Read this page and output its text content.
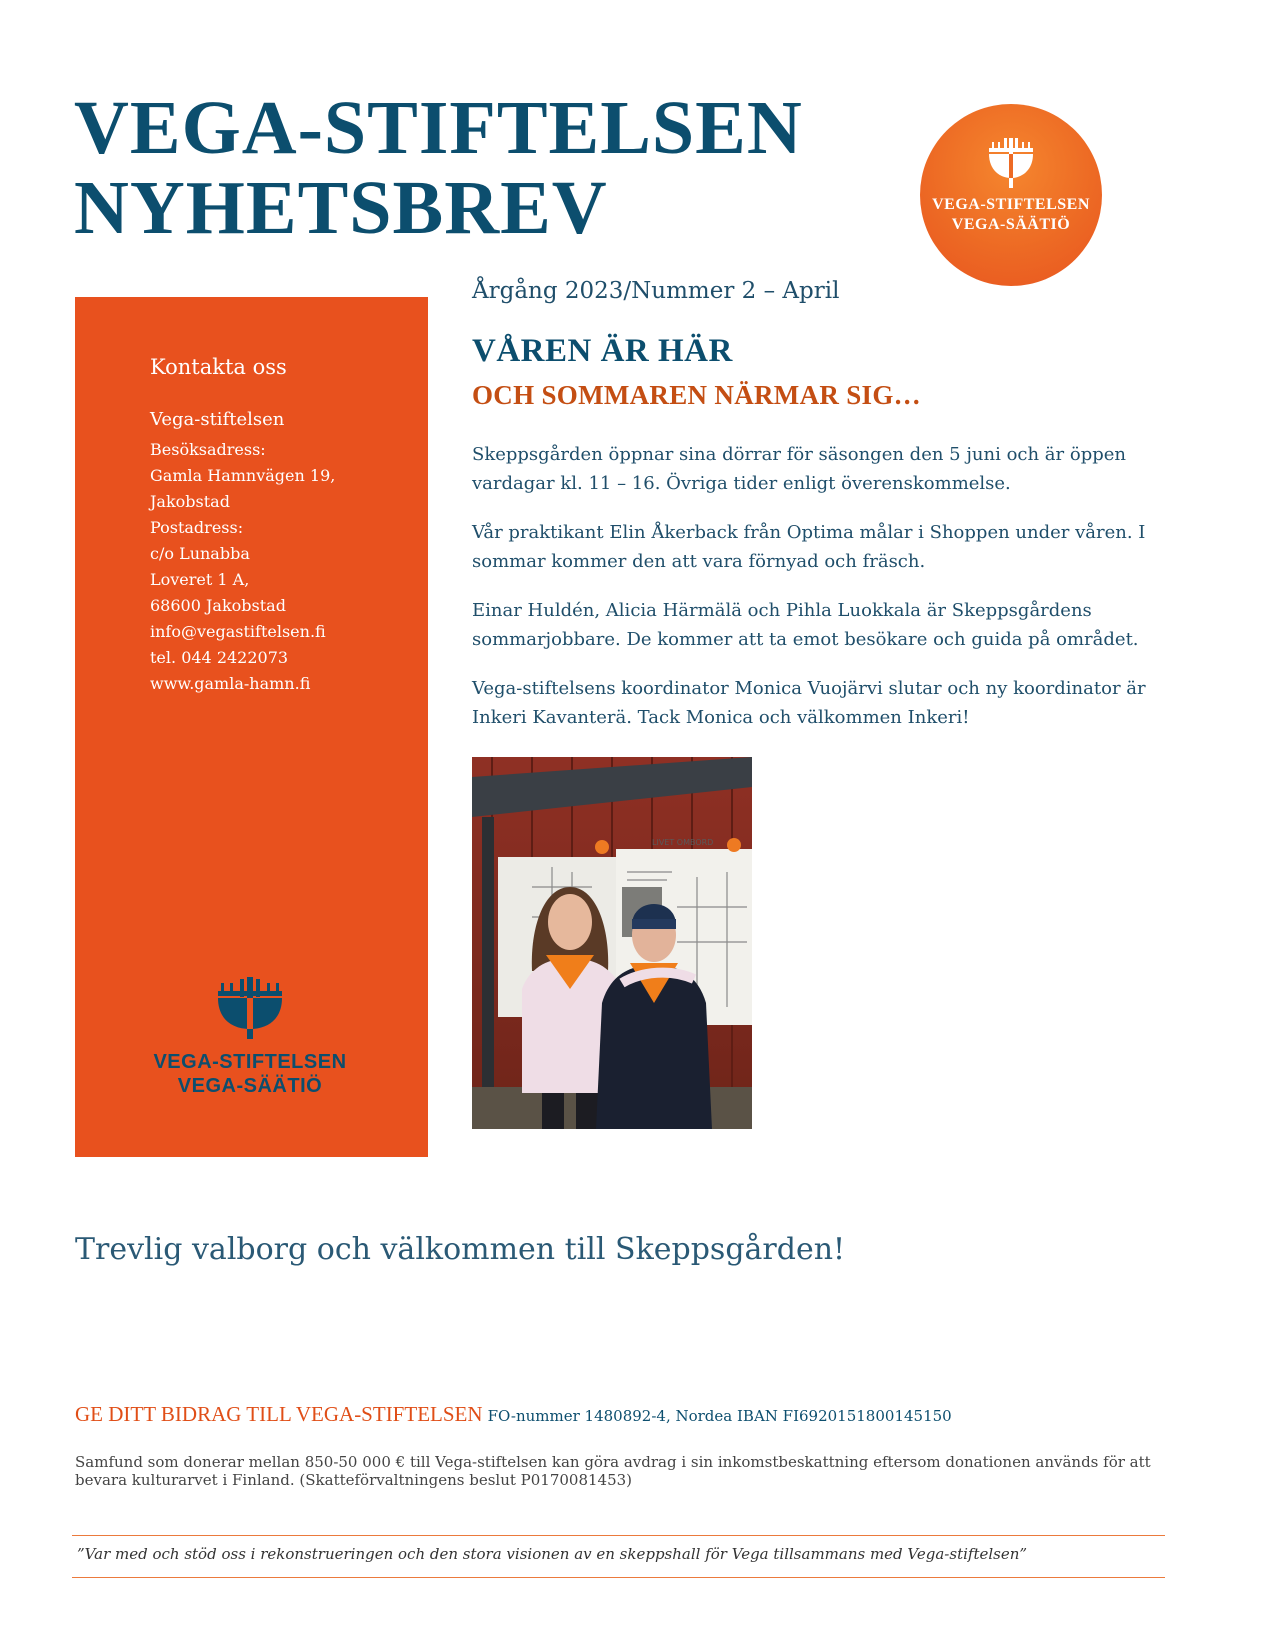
VEGA-STIFTELSEN
NYHETSBREV	VEGA-STIFTELSEN
VEGA-SÄÄTIÖ
Kontakta oss
Vega-stiftelsen
Besöksadress:
Gamla Hamnvägen 19,
Jakobstad
Postadress:
c/o Lunabba
Loveret 1 A,
68600 Jakobstad
info@vegastiftelsen.fi
tel. 044 2422073
www.gamla-hamn.fi
VEGA-STIFTELSEN
VEGA-SÄÄTIÖ
Årgång 2023/Nummer 2 – April
VÅREN ÄR HÄR
OCH SOMMAREN NÄRMAR SIG…

Skeppsgården öppnar sina dörrar för säsongen den 5 juni och är öppen vardagar kl. 11 – 16. Övriga tider enligt överenskommelse.

Vår praktikant Elin Åkerback från Optima målar i Shoppen under våren. I sommar kommer den att vara förnyad och fräsch.

Einar Huldén, Alicia Härmälä och Pihla Luokkala är Skeppsgårdens sommarjobbare. De kommer att ta emot besökare och guida på området.

Vega-stiftelsens koordinator Monica Vuojärvi slutar och ny koordinator är Inkeri Kavanterä. Tack Monica och välkommen Inkeri!

LIVET OMBORD
Trevlig valborg och välkommen till Skeppsgården!
GE DITT BIDRAG TILL VEGA-STIFTELSEN FO-nummer 1480892-4, Nordea IBAN FI6920151800145150
Samfund som donerar mellan 850-50 000 € till Vega-stiftelsen kan göra avdrag i sin inkomstbeskattning eftersom donationen används för att bevara kulturarvet i Finland. (Skatteförvaltningens beslut P0170081453)
”Var med och stöd oss i rekonstrueringen och den stora visionen av en skeppshall för Vega tillsammans med Vega-stiftelsen”
